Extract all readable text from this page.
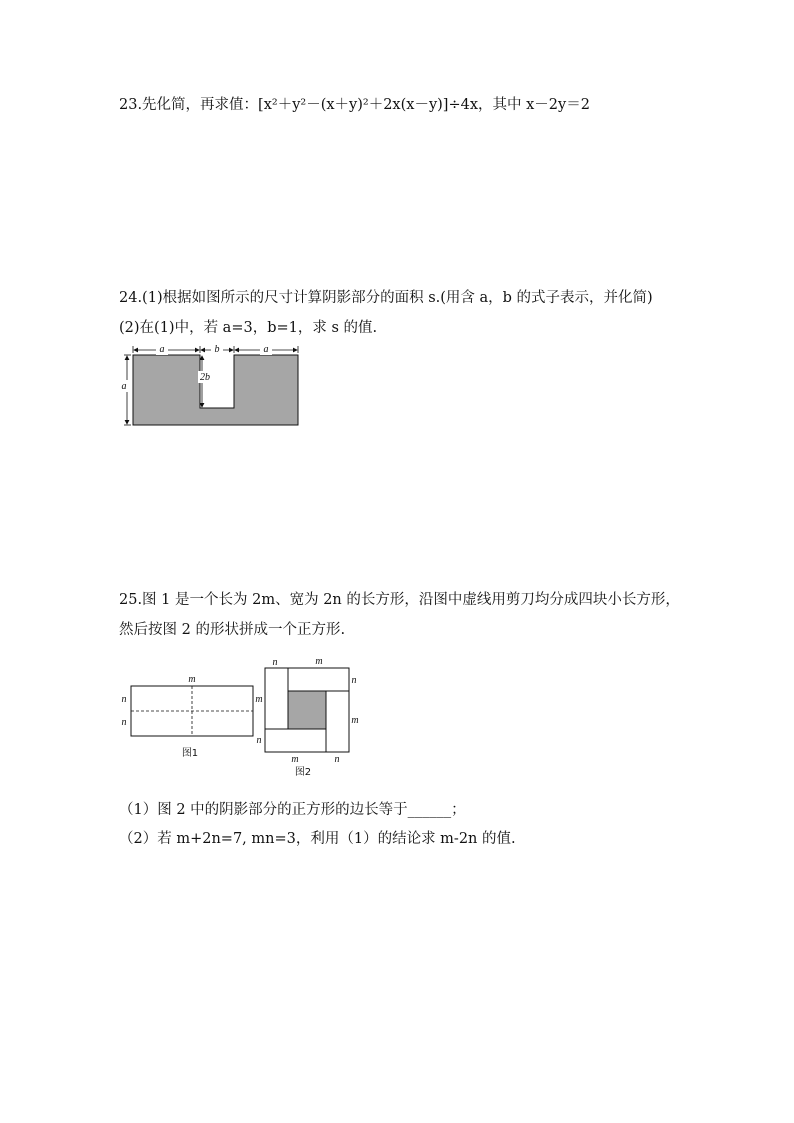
23.先化简，再求值：[x²＋y²－(x＋y)²＋2x(x－y)]÷4x，其中 x－2y＝2
24.(1)根据如图所示的尺寸计算阴影部分的面积 s.(用含 a，b 的式子表示，并化简)
(2)在(1)中，若 a=3，b=1，求 s 的值.
a	b	a
a
2b
25.图 1 是一个长为 2m、宽为 2n 的长方形，沿图中虚线用剪刀均分成四块小长方形，
然后按图 2 的形状拼成一个正方形.
m
n
n
图1
n	m
n
m
m
n
m	n
图2
（1）图 2 中的阴影部分的正方形的边长等于______；
（2）若 m+2n=7, mn=3，利用（1）的结论求 m-2n 的值.
